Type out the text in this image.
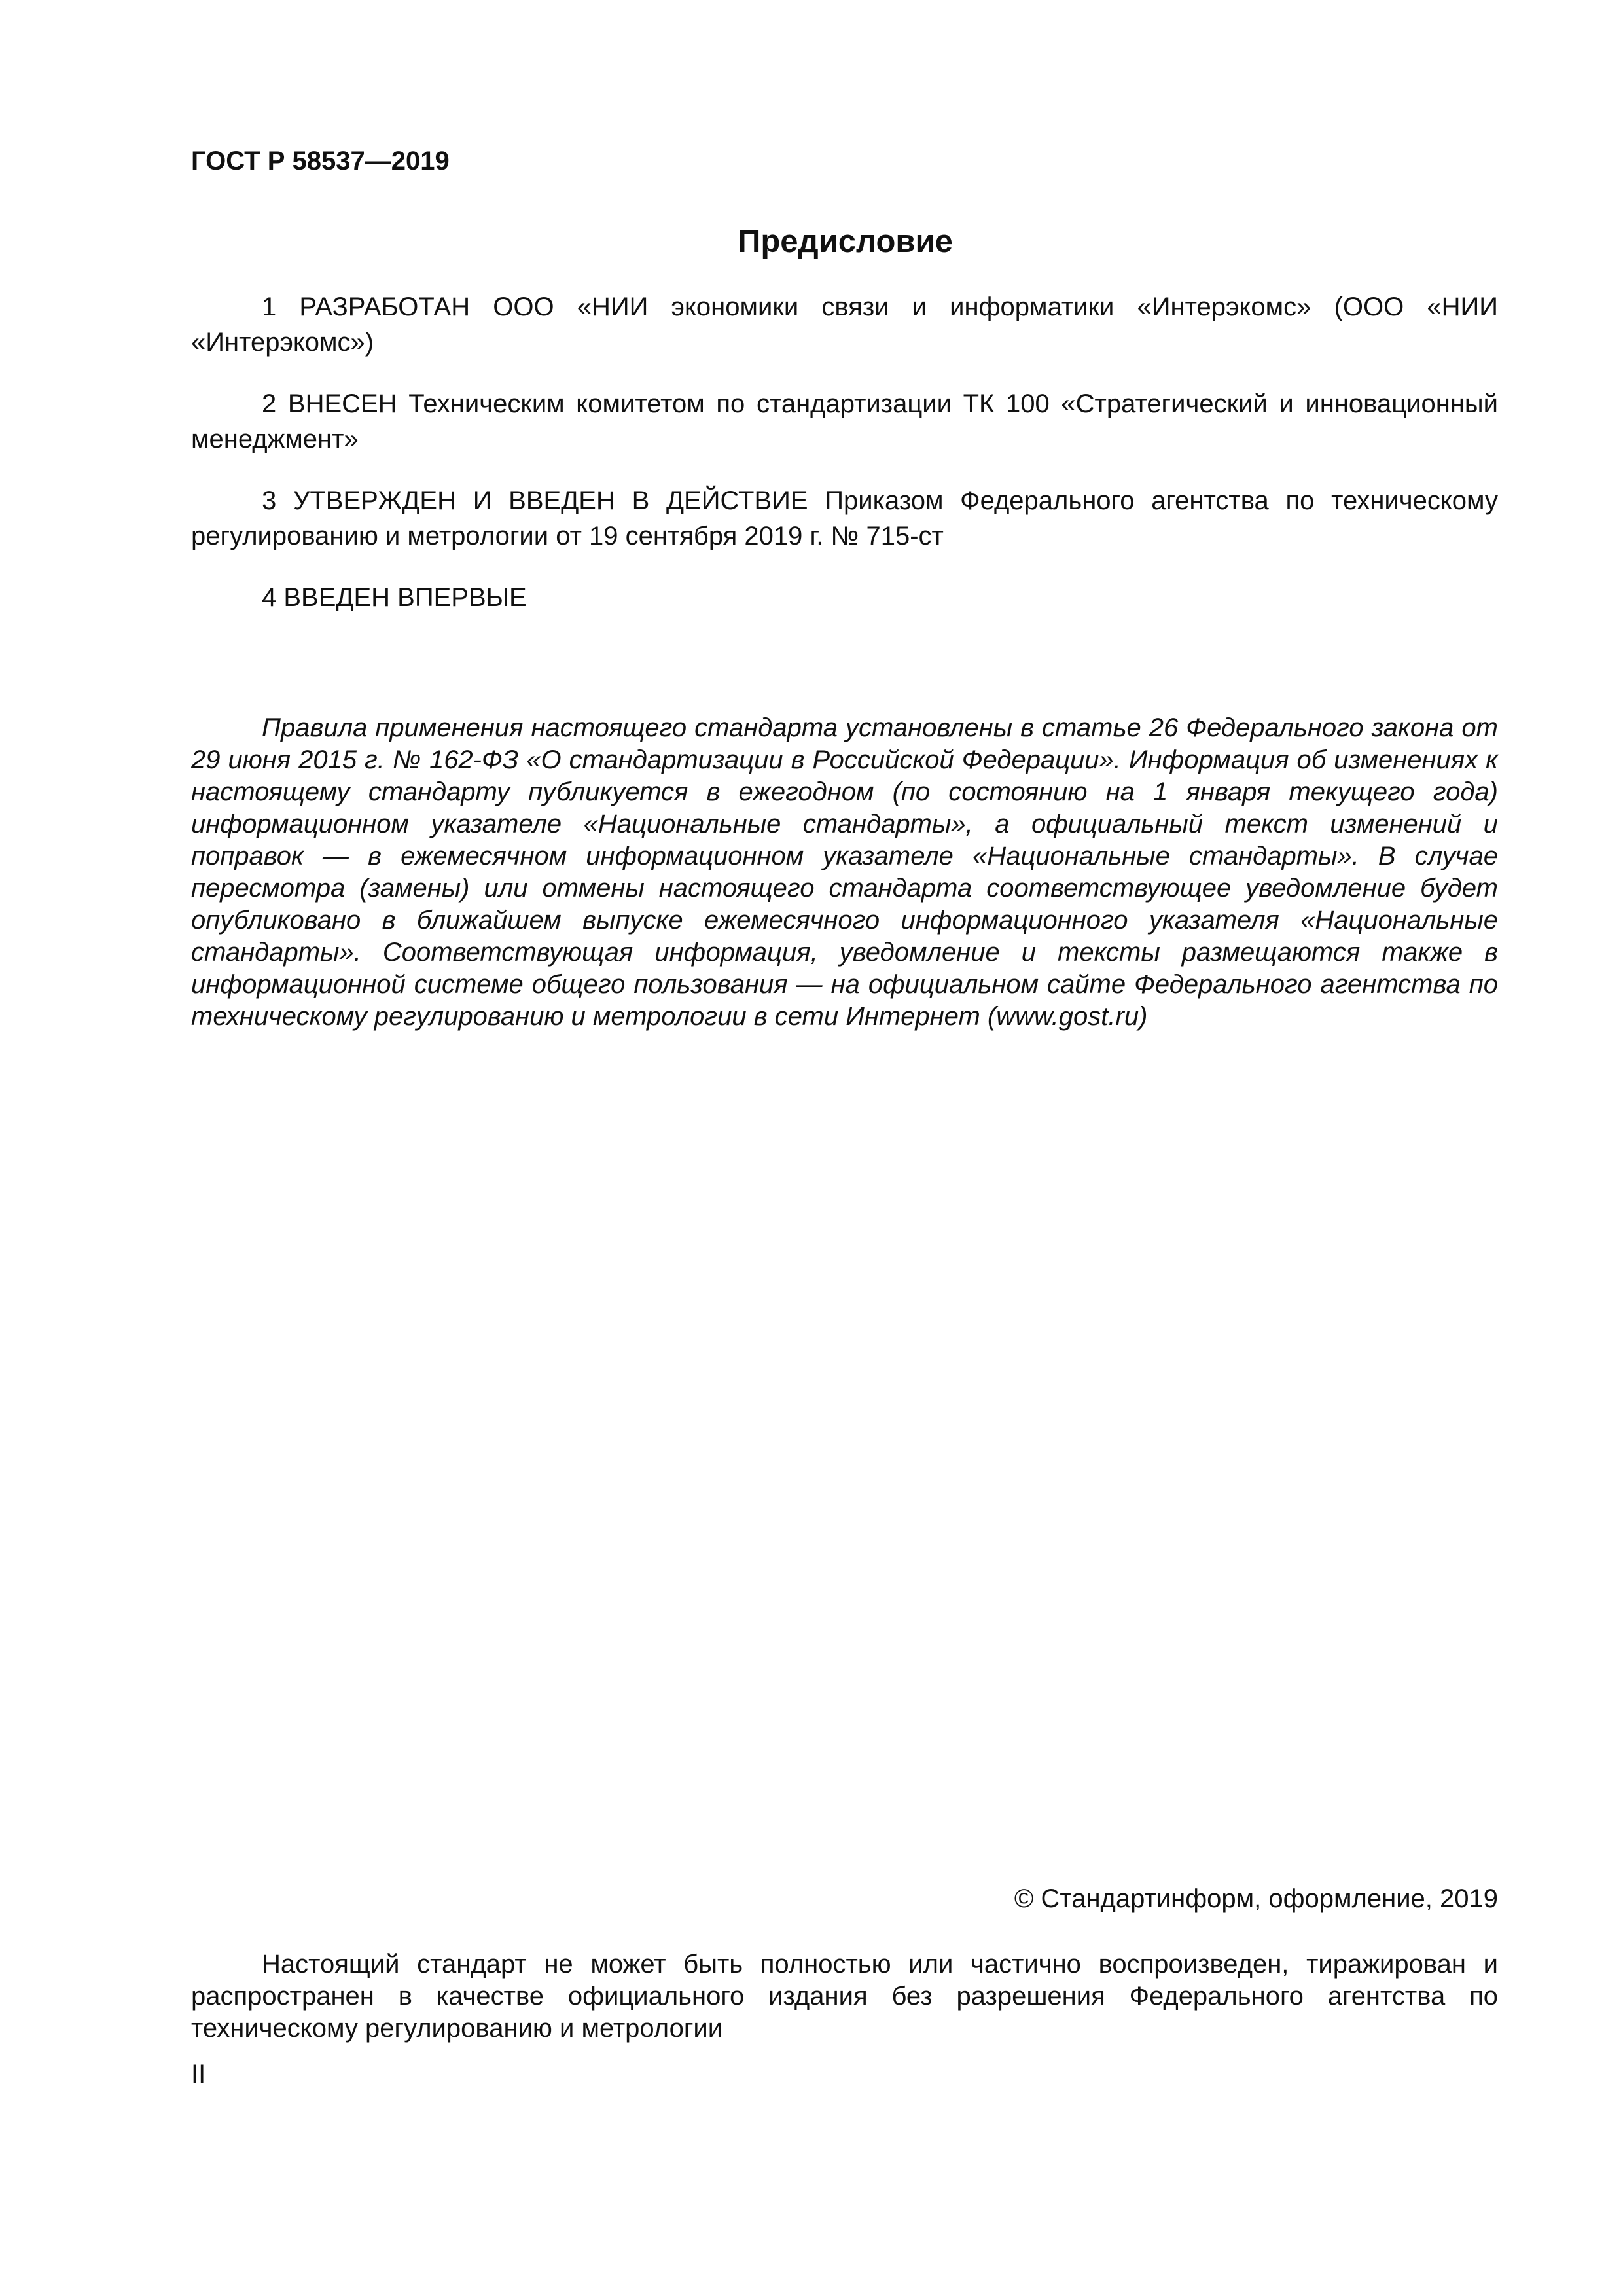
ГОСТ Р 58537—2019
Предисловие

1 РАЗРАБОТАН ООО «НИИ экономики связи и информатики «Интерэкомс» (ООО «НИИ «Интерэкомс»)

2 ВНЕСЕН Техническим комитетом по стандартизации ТК 100 «Стратегический и инновационный менеджмент»

3 УТВЕРЖДЕН И ВВЕДЕН В ДЕЙСТВИЕ Приказом Федерального агентства по техническому регулированию и метрологии от 19 сентября 2019 г. № 715-ст

4 ВВЕДЕН ВПЕРВЫЕ

Правила применения настоящего стандарта установлены в статье 26 Федерального закона от 29 июня 2015 г. № 162-ФЗ «О стандартизации в Российской Федерации». Информация об изменениях к настоящему стандарту публикуется в ежегодном (по состоянию на 1 января текущего года) информационном указателе «Национальные стандарты», а официальный текст изменений и поправок — в ежемесячном информационном указателе «Национальные стандарты». В случае пересмотра (замены) или отмены настоящего стандарта соответствующее уведомление будет опубликовано в ближайшем выпуске ежемесячного информационного указателя «Национальные стандарты». Соответствующая информация, уведомление и тексты размещаются также в информационной системе общего пользования — на официальном сайте Федерального агентства по техническому регулированию и метрологии в сети Интернет (www.gost.ru)

© Стандартинформ, оформление, 2019

Настоящий стандарт не может быть полностью или частично воспроизведен, тиражирован и распространен в качестве официального издания без разрешения Федерального агентства по техническому регулированию и метрологии

II
